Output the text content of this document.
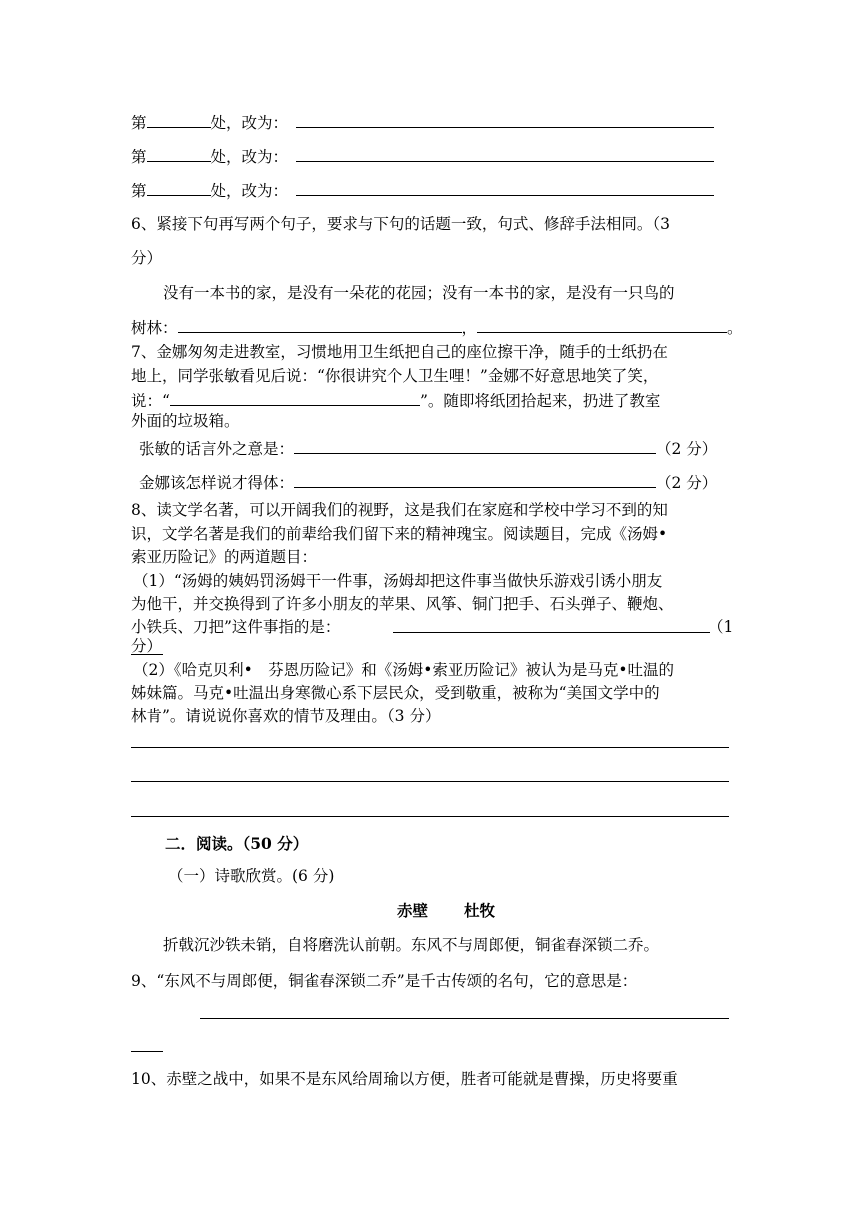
第	处，改为：
第	处，改为：
第	处，改为：
6、紧接下句再写两个句子，要求与下句的话题一致，句式、修辞手法相同。（3
分）
没有一本书的家，是没有一朵花的花园；没有一本书的家，是没有一只鸟的
树林：	，	。
7、金娜匆匆走进教室，习惯地用卫生纸把自己的座位擦干净，随手的士纸扔在
地上，同学张敏看见后说：“你很讲究个人卫生哩！”金娜不好意思地笑了笑，
说：“	”。随即将纸团拾起来，扔进了教室
外面的垃圾箱。
张敏的话言外之意是：	（2 分）
金娜该怎样说才得体：	（2 分）
8、读文学名著，可以开阔我们的视野，这是我们在家庭和学校中学习不到的知
识，文学名著是我们的前辈给我们留下来的精神瑰宝。阅读题目，完成《汤姆•
索亚历险记》的两道题目：
（1）“汤姆的姨妈罚汤姆干一件事，汤姆却把这件事当做快乐游戏引诱小朋友
为他干，并交换得到了许多小朋友的苹果、风筝、铜门把手、石头弹子、鞭炮、
小铁兵、刀把”这件事指的是：	（1
分）
（2）《哈克贝利•　芬恩历险记》和《汤姆•索亚历险记》被认为是马克•吐温的
姊妹篇。马克•吐温出身寒微心系下层民众，受到敬重，被称为“美国文学中的
林肯”。请说说你喜欢的情节及理由。（3 分）
二．阅读。（50 分）
（一）诗歌欣赏。(6 分)
赤壁 杜牧
折戟沉沙铁未销，自将磨洗认前朝。东风不与周郎便，铜雀春深锁二乔。
9、“东风不与周郎便，铜雀春深锁二乔”是千古传颂的名句，它的意思是：
10、赤壁之战中，如果不是东风给周瑜以方便，胜者可能就是曹操，历史将要重
